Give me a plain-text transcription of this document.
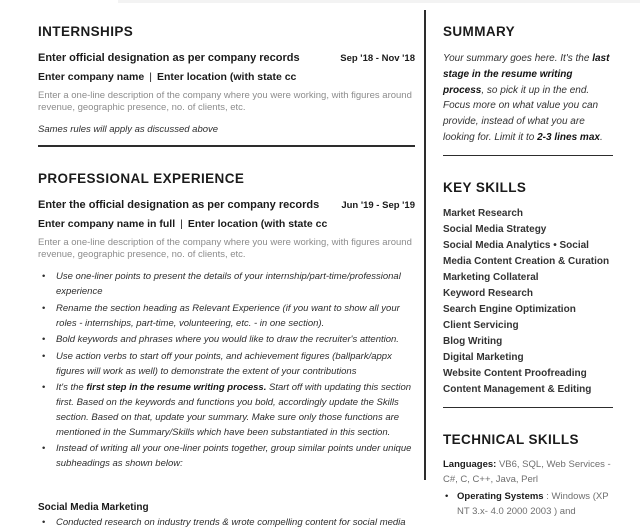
INTERNSHIPS
Enter official designation as per company records	Sep '18 - Nov '18
Enter company name | Enter location (with state cc
Enter a one-line description of the company where you were working, with figures around revenue, geographic presence, no. of clients, etc.
Sames rules will apply as discussed above
PROFESSIONAL EXPERIENCE
Enter the official designation as per company records	Jun '19 - Sep '19
Enter company name in full | Enter location (with state cc
Enter a one-line description of the company where you were working, with figures around revenue, geographic presence, no. of clients, etc.
• Use one-liner points to present the details of your internship/part-time/professional experience
• Rename the section heading as Relevant Experience (if you want to show all your roles - internships, part-time, volunteering, etc. - in one section).
• Bold keywords and phrases where you would like to draw the recruiter's attention.
• Use action verbs to start off your points, and achievement figures (ballpark/appx figures will work as well) to demonstrate the extent of your contributions
• It's the first step in the resume writing process. Start off with updating this section first. Based on the keywords and functions you bold, accordingly update the Skills section. Based on that, update your summary. Make sure only those functions are mentioned in the Summary/Skills which have been substantiated in this section.
• Instead of writing all your one-liner points together, group similar points under unique subheadings as shown below:
Social Media Marketing
• Conducted research on industry trends & wrote compelling content for social media
SUMMARY
Your summary goes here. It's the last stage in the resume writing process, so pick it up in the end. Focus more on what value you can provide, instead of what you are looking for. Limit it to 2-3 lines max.
KEY SKILLS
Market Research
Social Media Strategy
Social Media Analytics • Social Media Content Creation & Curation
Marketing Collateral
Keyword Research
Search Engine Optimization
Client Servicing
Blog Writing
Digital Marketing
Website Content Proofreading
Content Management & Editing
TECHNICAL SKILLS
Languages: VB6, SQL, Web Services - C#, C, C++, Java, Perl
• Operating Systems : Windows (XP NT 3.x- 4.0 2000 2003 ) and
